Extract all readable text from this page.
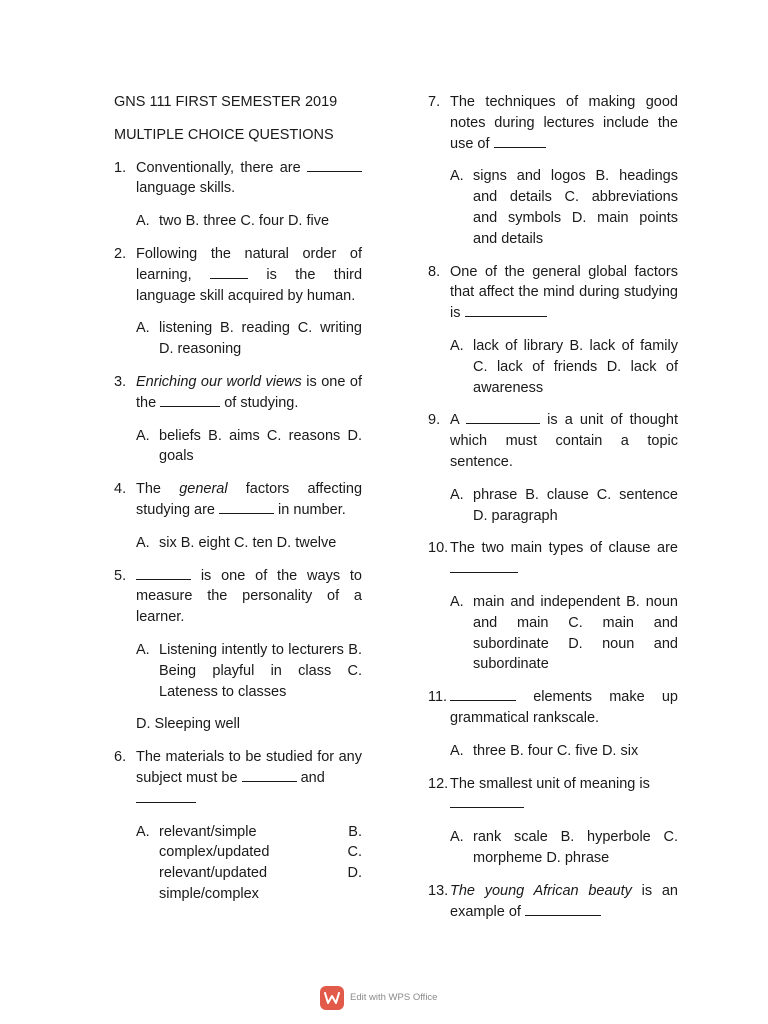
GNS 111 FIRST SEMESTER 2019

MULTIPLE CHOICE QUESTIONS

1. Conventionally, there are  language skills.
A. two B. three C. four D. five
2. Following the natural order of learning,	is the third language skill acquired by human.
A. listening B. reading C. writing D. reasoning
3. Enriching our world views is one of the	of studying.
A. beliefs B. aims C. reasons D. goals
4. The general factors affecting studying are	in number.
A. six B. eight C. ten D. twelve
5.	is one of the ways to measure the personality of a learner.
A. Listening intently to lecturers B. Being playful in class C. Lateness to classes
D. Sleeping well
6. The materials to be studied for any subject must be	and

A. relevant/simple B. complex/updated C. relevant/updated D. simple/complex
7. The techniques of making good notes during lectures include the use of
A. signs and logos B. headings and details C. abbreviations and symbols D. main points and details
8. One of the general global factors that affect the mind during studying is
A. lack of library B. lack of family C. lack of friends D. lack of awareness
9. A	is a unit of thought which must contain a topic sentence.
A. phrase B. clause C. sentence D. paragraph
10. The two main types of clause are
A. main and independent B. noun and main C. main and subordinate D. noun and subordinate
11.	elements make up grammatical rankscale.
A. three B. four C. five D. six
12. The smallest unit of meaning is

A. rank scale B. hyperbole C. morpheme D. phrase
13. The young African beauty is an example of
Edit with WPS Office
